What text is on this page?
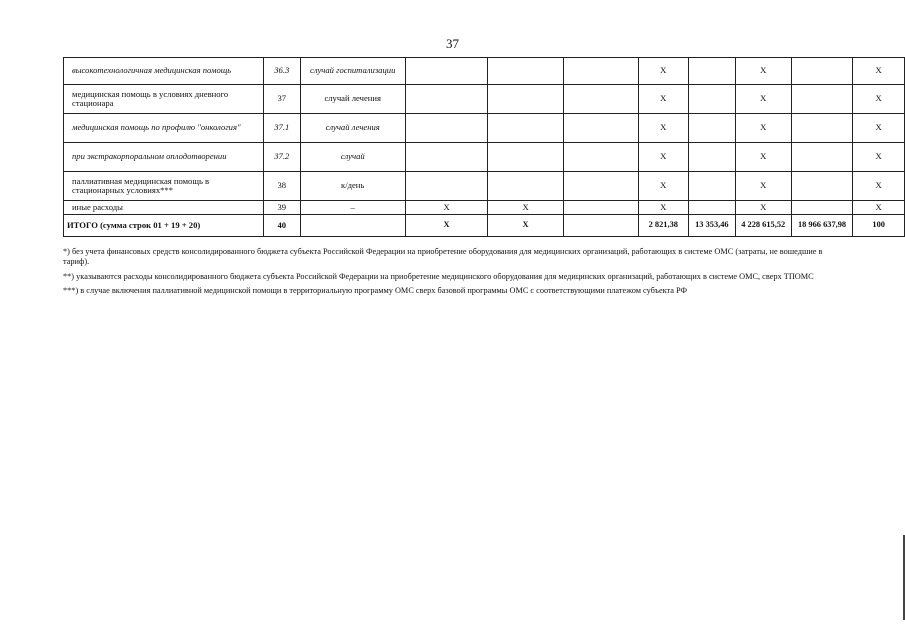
37
высокотехнологичная медицинская помощь	36.3	случай госпитализации				X		X		X
медицинская помощь в условиях дневного стационара	37	случай лечения				X		X		X
медицинская помощь по профилю "онкология"	37.1	случай лечения				X		X		X
при экстракорпоральном оплодотворении	37.2	случай				X		X		X
паллиативная медицинская помощь в стационарных условиях***	38	к/день				X		X		X
иные расходы	39	–	X	X		X		X		X
ИТОГО (сумма строк 01 + 19 + 20)	40		X	X		2 821,38	13 353,46	4 228 615,52	18 966 637,98	100

*) без учета финансовых средств консолидированного бюджета субъекта Российской Федерации на приобретение оборудования для медицинских организаций, работающих в системе ОМС (затраты, не вошедшие в тариф).

**) указываются расходы консолидированного бюджета субъекта Российской Федерации на приобретение медицинского оборудования для медицинских организаций, работающих в системе ОМС, сверх ТПОМС

***) в случае включения паллиативной медицинской помощи в территориальную программу ОМС сверх базовой программы ОМС с соответствующими платежом субъекта РФ
